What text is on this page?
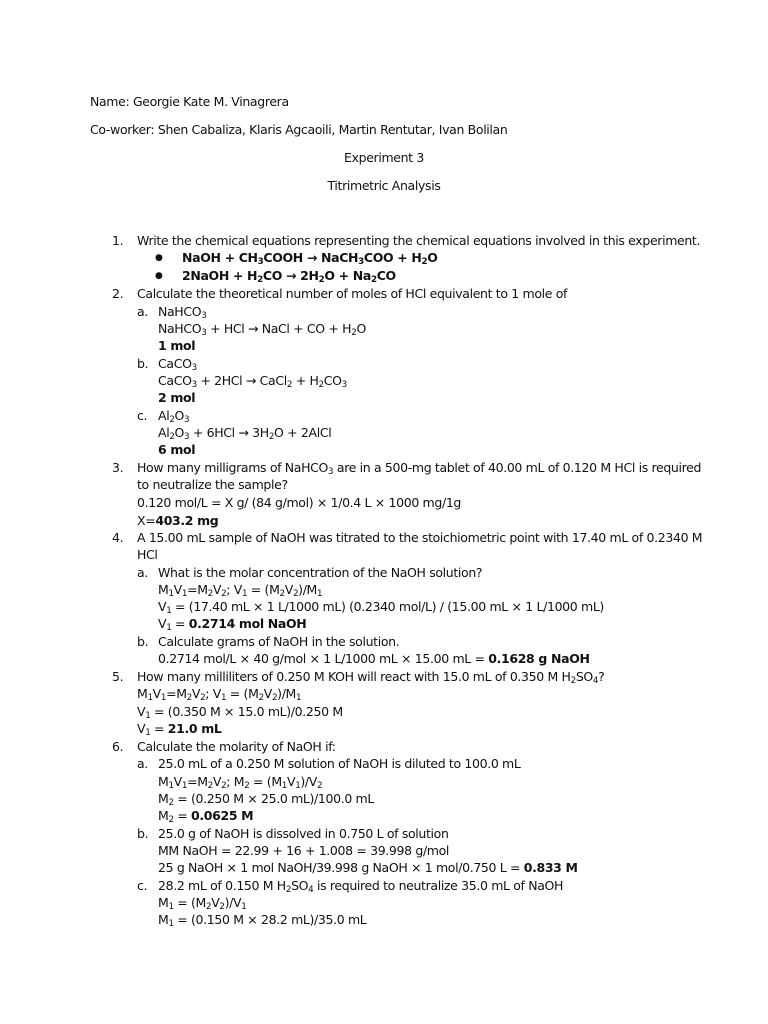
Name: Georgie Kate M. Vinagrera
Co-worker: Shen Cabaliza, Klaris Agcaoili, Martin Rentutar, Ivan Bolilan
Experiment 3
Titrimetric Analysis
1. Write the chemical equations representing the chemical equations involved in this experiment.
● NaOH + $CH_3COOH$ → NaCH$_3$COO + $H_2O$
● 2NaOH + $H_2CO \to 2H_2O + Na_2CO$
2. Calculate the theoretical number of moles of HCl equivalent to 1 mole of
a. NaHCO$_3$
NaHCO$_3$ + HCl → NaCl + CO + $H_2O$
1 mol
b. CaCO$_3$
CaCO$_3$ + 2HCl → CaCl$_2$ + $H_2CO_3$
2 mol
c. $Al_2O_3$
$Al_2O_3 + 6HCl \to 3H_2O$ + 2AlCl
6 mol
3. How many milligrams of NaHCO$_3$ are in a 500-mg tablet of 40.00 mL of 0.120 M HCl is required
to neutralize the sample?
0.120 mol/L = X g/ (84 g/mol) × 1/0.4 L × 1000 mg/1g
X=403.2 mg
4. A 15.00 mL sample of NaOH was titrated to the stoichiometric point with 17.40 mL of 0.2340 M
HCl
a. What is the molar concentration of the NaOH solution?
$M_1V_1=M_2V_2$; $V_1 = (M_2V_2)/M_1$
$V_1 = (17.40$ mL × 1 L/1000 mL) (0.2340 mol/L) / (15.00 mL × 1 L/1000 mL)
$V_1 = 0.2714$ mol NaOH
b. Calculate grams of NaOH in the solution.
0.2714 mol/L × 40 g/mol × 1 L/1000 mL × 15.00 mL = 0.1628 g NaOH
5. How many milliliters of 0.250 M KOH will react with 15.0 mL of 0.350 M $H_2SO_4$?
$M_1V_1=M_2V_2$; $V_1 = (M_2V_2)/M_1$
$V_1 = (0.350$ M × 15.0 mL)/0.250 M
$V_1 = 21.0$ mL
6. Calculate the molarity of NaOH if:
a. 25.0 mL of a 0.250 M solution of NaOH is diluted to 100.0 mL
$M_1V_1=M_2V_2$; $M_2 = (M_1V_1)/V_2$
$M_2 = (0.250$ M × 25.0 mL)/100.0 mL
$M_2 = 0.0625$ M
b. 25.0 g of NaOH is dissolved in 0.750 L of solution
MM NaOH = 22.99 + 16 + 1.008 = 39.998 g/mol
25 g NaOH × 1 mol NaOH/39.998 g NaOH × 1 mol/0.750 L = 0.833 M
c. 28.2 mL of 0.150 M $H_2SO_4$ is required to neutralize 35.0 mL of NaOH
$M_1 = (M_2V_2)/V_1$
$M_1 = (0.150$ M × 28.2 mL)/35.0 mL
